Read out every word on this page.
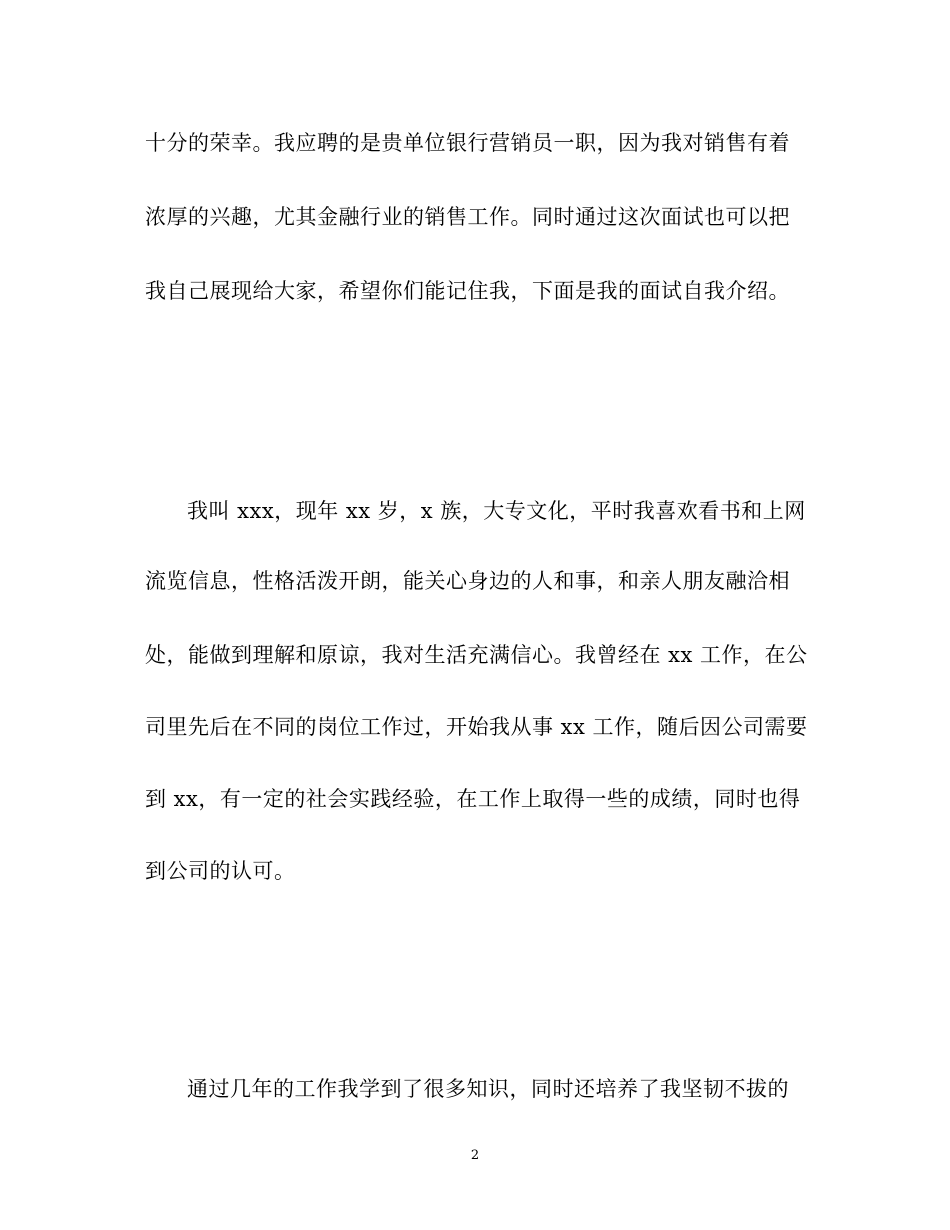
十分的荣幸。我应聘的是贵单位银行营销员一职，因为我对销售有着
浓厚的兴趣，尤其金融行业的销售工作。同时通过这次面试也可以把
我自己展现给大家，希望你们能记住我，下面是我的面试自我介绍。
我叫 xxx，现年 xx 岁，x 族，大专文化，平时我喜欢看书和上网
流览信息，性格活泼开朗，能关心身边的人和事，和亲人朋友融洽相
处，能做到理解和原谅，我对生活充满信心。我曾经在 xx 工作，在公
司里先后在不同的岗位工作过，开始我从事 xx 工作，随后因公司需要
到 xx，有一定的社会实践经验，在工作上取得一些的成绩，同时也得
到公司的认可。
通过几年的工作我学到了很多知识，同时还培养了我坚韧不拔的
2
